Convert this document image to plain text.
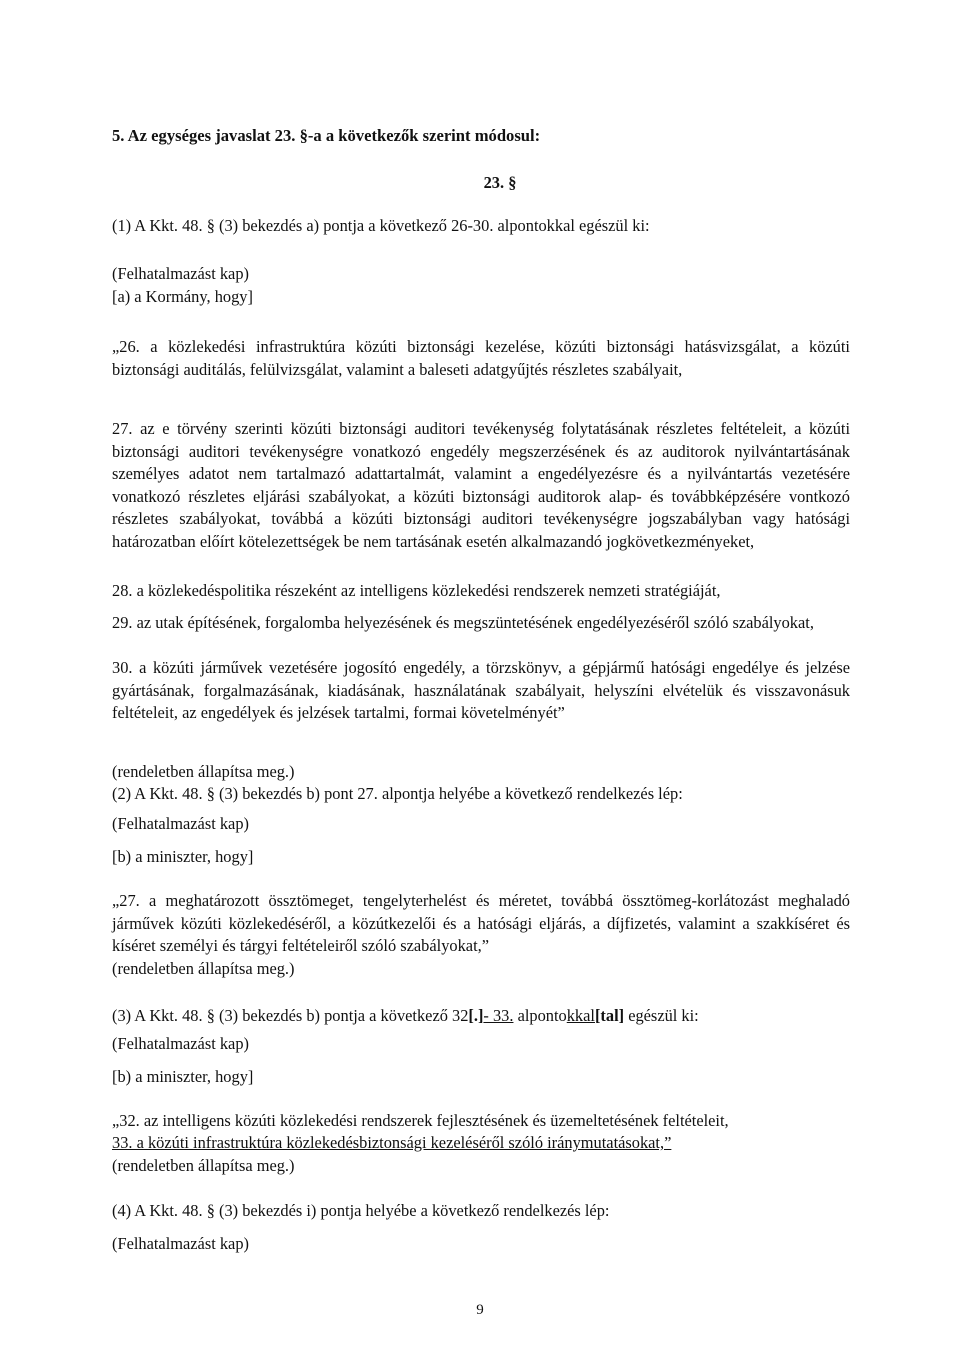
5. Az egységes javaslat 23. §-a a következők szerint módosul:

23. §

(1) A Kkt. 48. § (3) bekezdés a) pontja a következő 26-30. alpontokkal egészül ki:

(Felhatalmazást kap)

[a) a Kormány, hogy]

„26. a közlekedési infrastruktúra közúti biztonsági kezelése, közúti biztonsági hatásvizsgálat, a közúti biztonsági auditálás, felülvizsgálat, valamint a baleseti adatgyűjtés részletes szabályait,

27. az e törvény szerinti közúti biztonsági auditori tevékenység folytatásának részletes feltételeit, a közúti biztonsági auditori tevékenységre vonatkozó engedély megszerzésének és az auditorok nyilvántartásának személyes adatot nem tartalmazó adattartalmát, valamint a engedélyezésre és a nyilvántartás vezetésére vonatkozó részletes eljárási szabályokat, a közúti biztonsági auditorok alap- és továbbképzésére vontkozó részletes szabályokat, továbbá a közúti biztonsági auditori tevékenységre jogszabályban vagy hatósági határozatban előírt kötelezettségek be nem tartásának esetén alkalmazandó jogkövetkezményeket,

28. a közlekedéspolitika részeként az intelligens közlekedési rendszerek nemzeti stratégiáját,

29. az utak építésének, forgalomba helyezésének és megszüntetésének engedélyezéséről szóló szabályokat,

30. a közúti járművek vezetésére jogosító engedély, a törzskönyv, a gépjármű hatósági engedélye és jelzése gyártásának, forgalmazásának, kiadásának, használatának szabályait, helyszíni elvételük és visszavonásuk feltételeit, az engedélyek és jelzések tartalmi, formai követelményét”

(rendeletben állapítsa meg.)

(2) A Kkt. 48. § (3) bekezdés b) pont 27. alpontja helyébe a következő rendelkezés lép:

(Felhatalmazást kap)

[b) a miniszter, hogy]

„27. a meghatározott össztömeget, tengelyterhelést és méretet, továbbá össztömeg-korlátozást meghaladó járművek közúti közlekedéséről, a közútkezelői és a hatósági eljárás, a díjfizetés, valamint a szakkíséret és kíséret személyi és tárgyi feltételeiről szóló szabályokat,”

(rendeletben állapítsa meg.)

(3) A Kkt. 48. § (3) bekezdés b) pontja a következő 32[.]- 33. alpontokkal[tal] egészül ki:

(Felhatalmazást kap)

[b) a miniszter, hogy]

„32. az intelligens közúti közlekedési rendszerek fejlesztésének és üzemeltetésének feltételeit,

33. a közúti infrastruktúra közlekedésbiztonsági kezeléséről szóló iránymutatásokat,”

(rendeletben állapítsa meg.)

(4) A Kkt. 48. § (3) bekezdés i) pontja helyébe a következő rendelkezés lép:

(Felhatalmazást kap)

9
